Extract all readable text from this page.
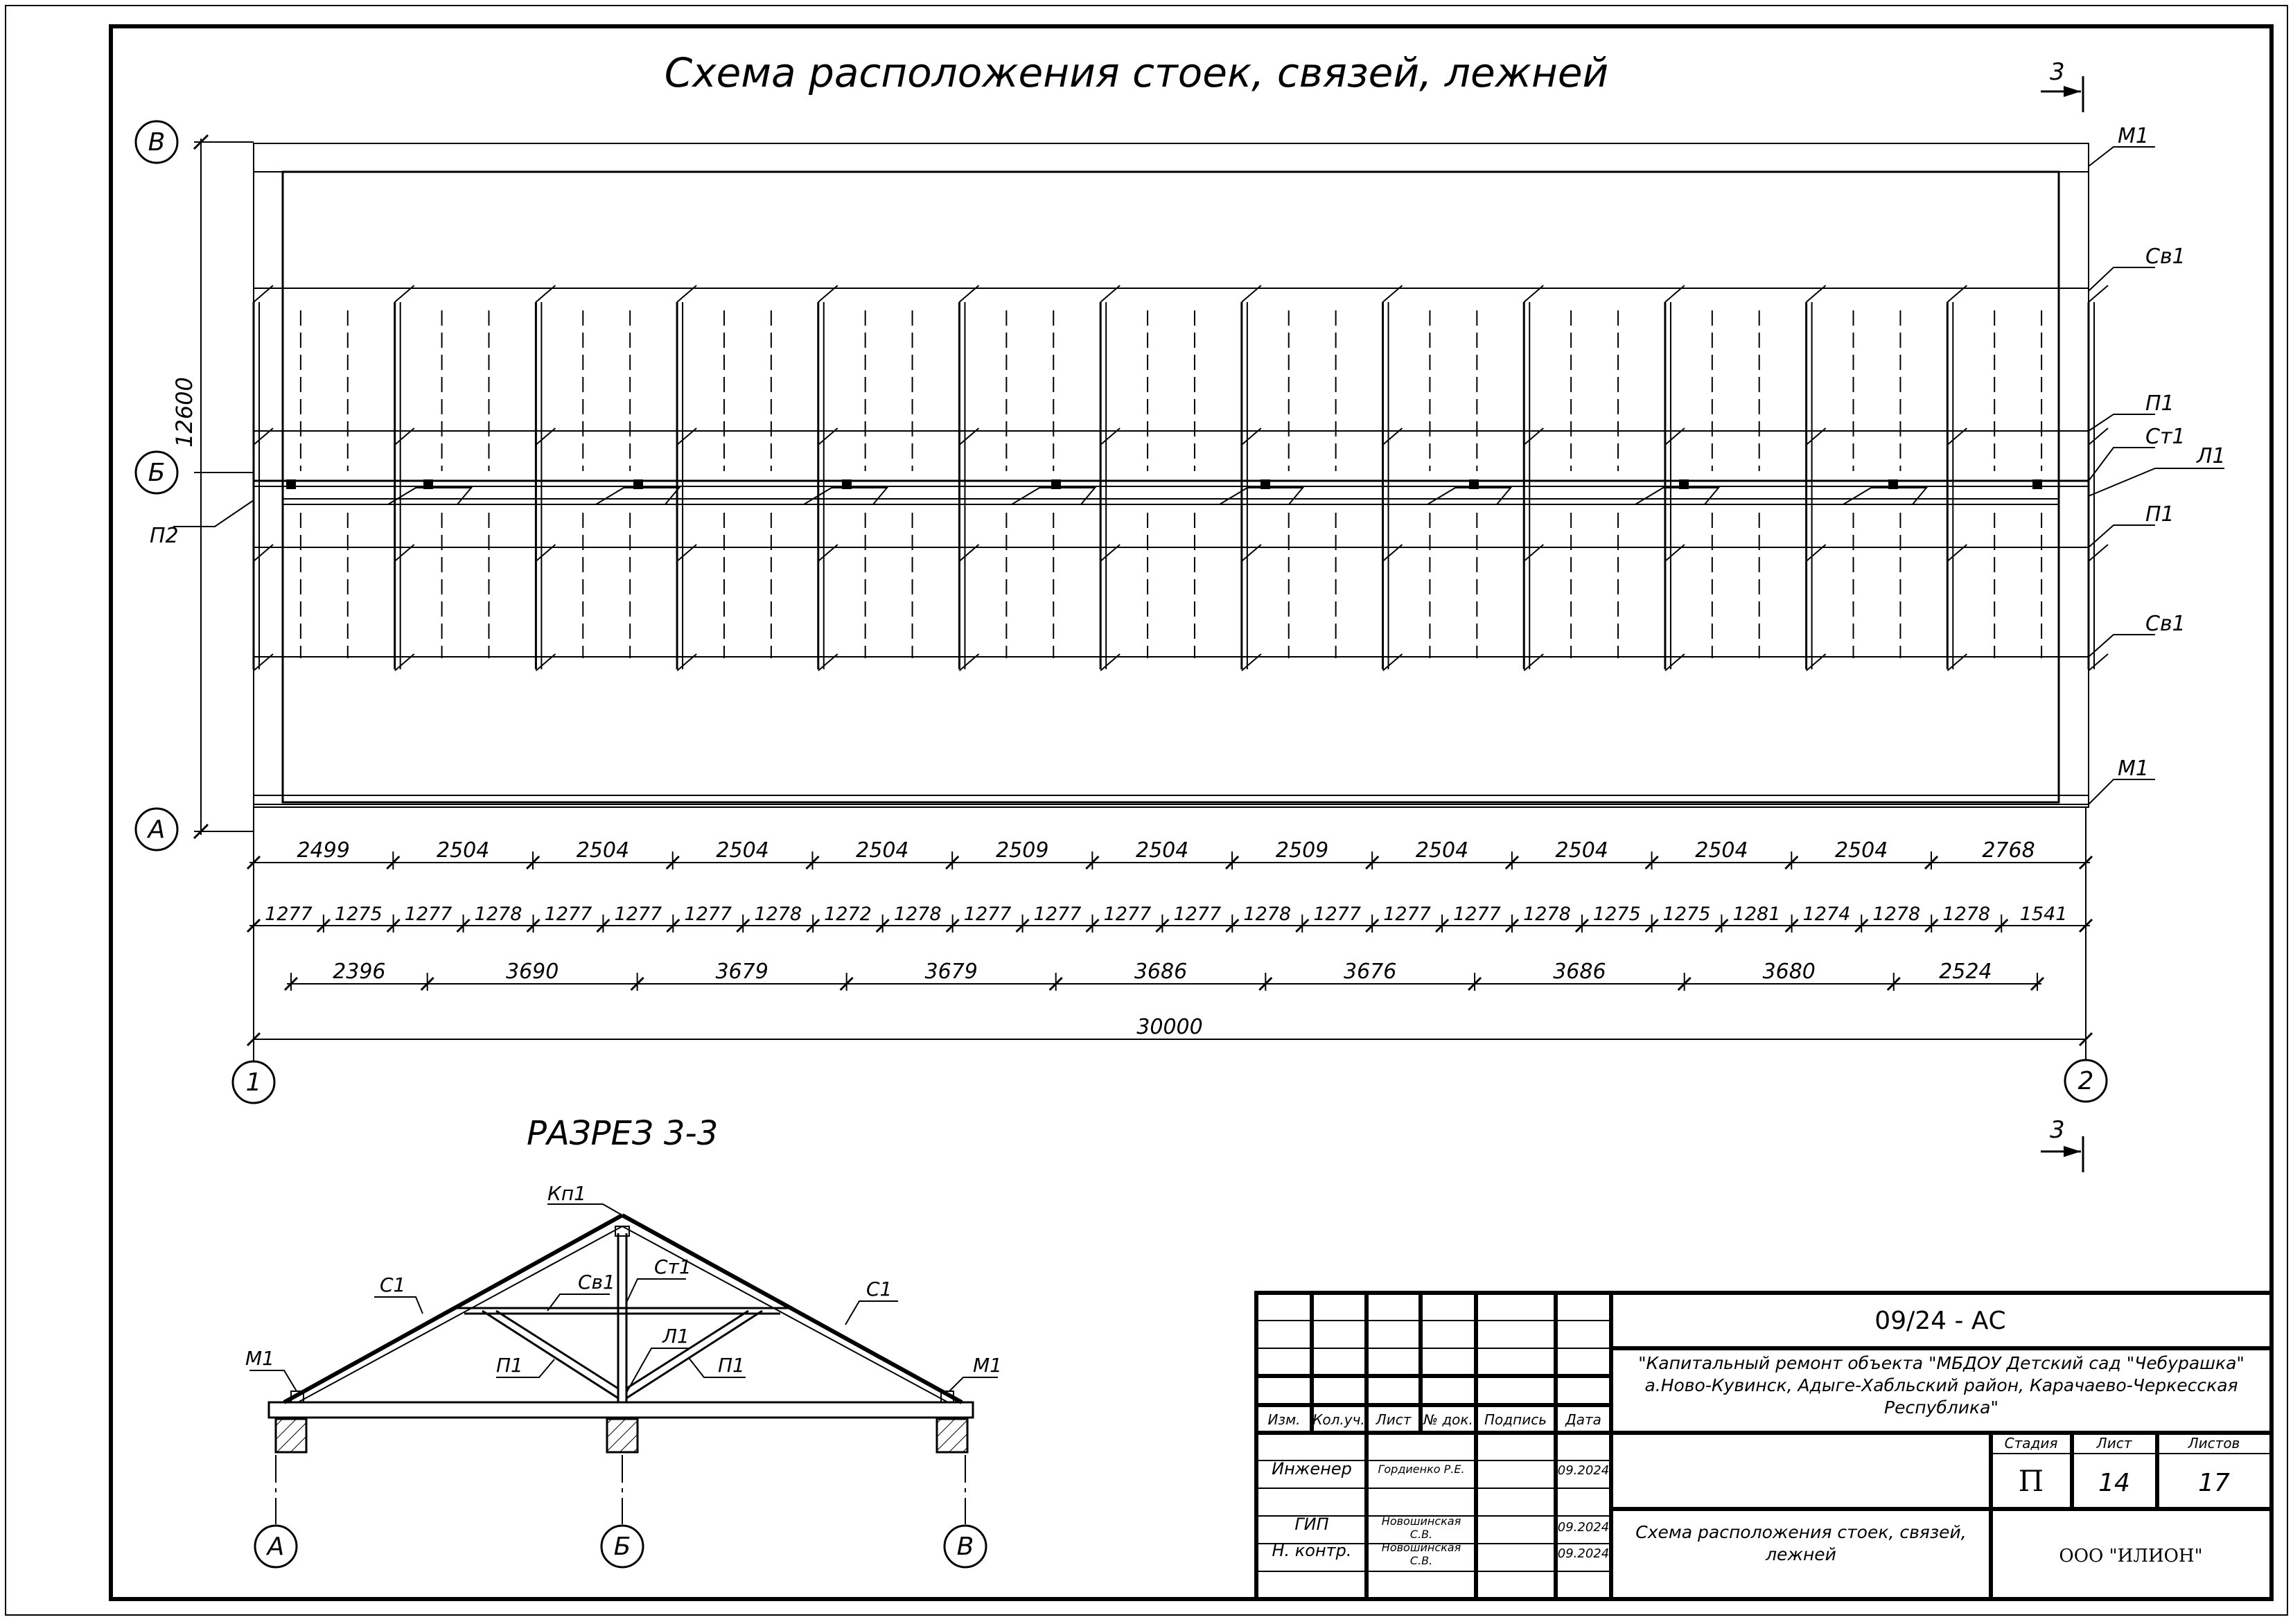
Схема расположения стоек, связей, лежней	3
3
12600
В
Б
А
1	2
М1
Св1
П1
Ст1
Л1
П1
Св1
М1
П2
2499	2504	2504	2504	2504	2509	2504	2509	2504	2504	2504	2504	2768
1277 1275 1277 1278 1277 1277 1277 1278 1272 1278 1277 1277 1277 1277 1278 1277 1277 1277 1278 1275 1275 1281 1274 1278 1278 1541
2396	3690	3679	3679	3686	3676	3686	3680	2524
30000
РАЗРЕЗ 3-3
Кп1
С1	С1
Св1
Ст1
Л1
П1	П1
М1	М1
А	Б	В
09/24 - АС
"Капитальный ремонт объекта "МБДОУ Детский сад "Чебурашка" а.Ново-Кувинск, Адыге-Хабльский район, Карачаево-Черкесская Республика"
Изм. Кол.уч. Лист № док. Подпись Дата
Инженер Гордиенко Р.Е.	09.2024
ГИП	Новошинская С.В.	09.2024
Н. контр.	Новошинская С.В.	09.2024
Стадия	Лист	Листов
П 14	17
Схема расположения стоек, связей, лежней	ООО "ИЛИОН"
